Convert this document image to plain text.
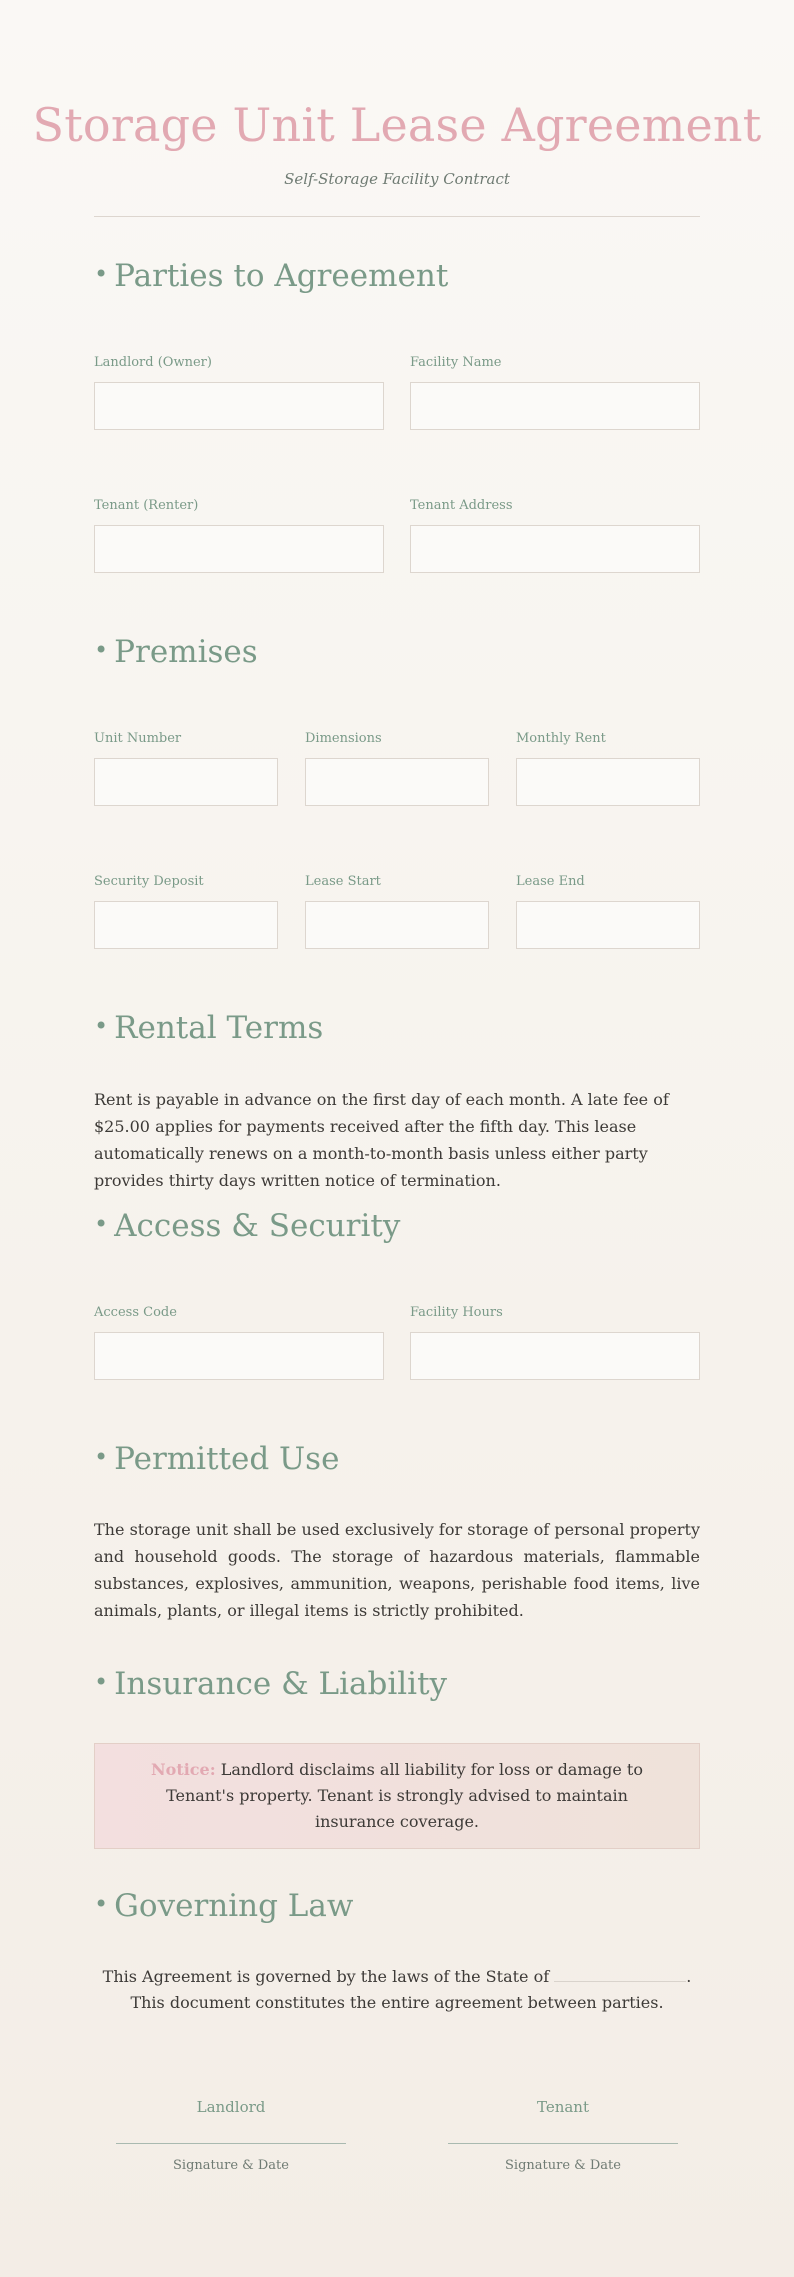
Storage Unit Lease Agreement
Self-Storage Facility Contract
• Parties to Agreement
Landlord (Owner)	Facility Name
Tenant (Renter)	Tenant Address
• Premises
Unit Number	Dimensions	Monthly Rent
Security Deposit	Lease Start	Lease End
• Rental Terms
Rent is payable in advance on the first day of each month. A late fee of $25.00 applies for payments received after the fifth day. This lease automatically renews on a month-to-month basis unless either party provides thirty days written notice of termination.
• Access & Security
Access Code	Facility Hours
• Permitted Use
The storage unit shall be used exclusively for storage of personal property and household goods. The storage of hazardous materials, flammable substances, explosives, ammunition, weapons, perishable food items, live animals, plants, or illegal items is strictly prohibited.
• Insurance & Liability
Notice: Landlord disclaims all liability for loss or damage to Tenant's property. Tenant is strongly advised to maintain insurance coverage.
• Governing Law
This Agreement is governed by the laws of the State of	. This document constitutes the entire agreement between parties.
Landlord
Signature & Date
Tenant
Signature & Date
